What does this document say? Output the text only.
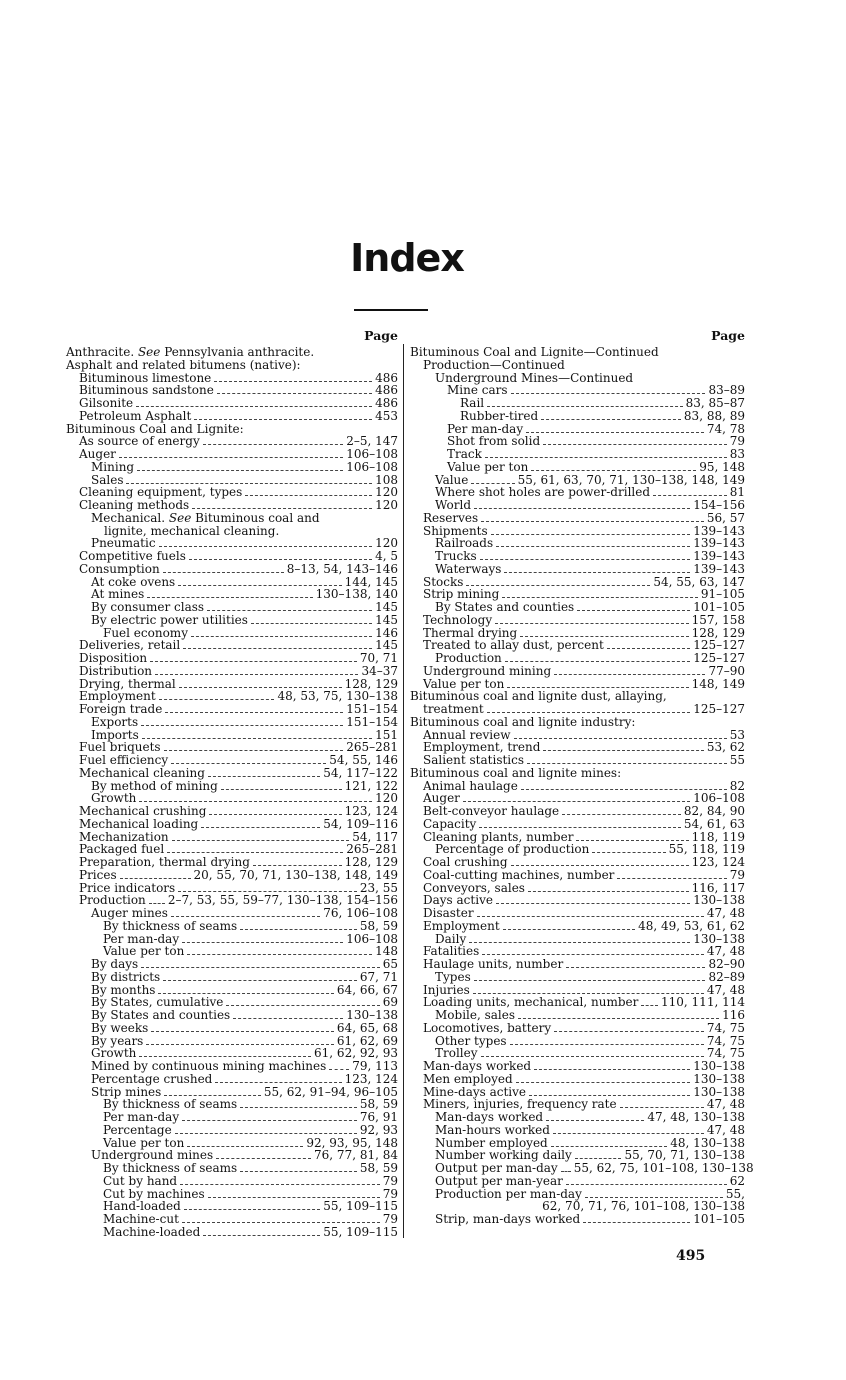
Index
Page
Anthracite. See Pennsylvania anthracite.
Asphalt and related bitumens (native):
Bituminous limestone	486
Bituminous sandstone	486
Gilsonite	486
Petroleum Asphalt	453
Bituminous Coal and Lignite:
As source of energy	2–5, 147
Auger	106–108
Mining	106–108
Sales	108
Cleaning equipment, types	120
Cleaning methods	120
Mechanical. See Bituminous coal and
lignite, mechanical cleaning.
Pneumatic	120
Competitive fuels	4, 5
Consumption	8–13, 54, 143–146
At coke ovens	144, 145
At mines	130–138, 140
By consumer class	145
By electric power utilities	145
Fuel economy	146
Deliveries, retail	145
Disposition	70, 71
Distribution	34–37
Drying, thermal	128, 129
Employment	48, 53, 75, 130–138
Foreign trade	151–154
Exports	151–154
Imports	151
Fuel briquets	265–281
Fuel efficiency	54, 55, 146
Mechanical cleaning	54, 117–122
By method of mining	121, 122
Growth	120
Mechanical crushing	123, 124
Mechanical loading	54, 109–116
Mechanization	54, 117
Packaged fuel	265–281
Preparation, thermal drying	128, 129
Prices	20, 55, 70, 71, 130–138, 148, 149
Price indicators	23, 55
Production 2–7, 53, 55, 59–77, 130–138, 154–156
Auger mines	76, 106–108
By thickness of seams	58, 59
Per man-day	106–108
Value per ton	148
By days	65
By districts	67, 71
By months	64, 66, 67
By States, cumulative	69
By States and counties	130–138
By weeks	64, 65, 68
By years	61, 62, 69
Growth	61, 62, 92, 93
Mined by continuous mining machines 79, 113
Percentage crushed	123, 124
Strip mines	55, 62, 91–94, 96–105
By thickness of seams	58, 59
Per man-day	76, 91
Percentage	92, 93
Value per ton	92, 93, 95, 148
Underground mines	76, 77, 81, 84
By thickness of seams	58, 59
Cut by hand	79
Cut by machines	79
Hand-loaded	55, 109–115
Machine-cut	79
Machine-loaded	55, 109–115
Page
Bituminous Coal and Lignite—Continued
Production—Continued
Underground Mines—Continued
Mine cars	83–89
Rail	83, 85–87
Rubber-tired	83, 88, 89
Per man-day	74, 78
Shot from solid	79
Track	83
Value per ton	95, 148
Value	55, 61, 63, 70, 71, 130–138, 148, 149
Where shot holes are power-drilled	81
World	154–156
Reserves	56, 57
Shipments	139–143
Railroads	139–143
Trucks	139–143
Waterways	139–143
Stocks	54, 55, 63, 147
Strip mining	91–105
By States and counties	101–105
Technology	157, 158
Thermal drying	128, 129
Treated to allay dust, percent	125–127
Production	125–127
Underground mining	77–90
Value per ton	148, 149
Bituminous coal and lignite dust, allaying,
treatment	125–127
Bituminous coal and lignite industry:
Annual review	53
Employment, trend	53, 62
Salient statistics	55
Bituminous coal and lignite mines:
Animal haulage	82
Auger	106–108
Belt-conveyor haulage	82, 84, 90
Capacity	54, 61, 63
Cleaning plants, number	118, 119
Percentage of production	55, 118, 119
Coal crushing	123, 124
Coal-cutting machines, number	79
Conveyors, sales	116, 117
Days active	130–138
Disaster	47, 48
Employment	48, 49, 53, 61, 62
Daily	130–138
Fatalities	47, 48
Haulage units, number	82–90
Types	82–89
Injuries	47, 48
Loading units, mechanical, number 110, 111, 114
Mobile, sales	116
Locomotives, battery	74, 75
Other types	74, 75
Trolley	74, 75
Man-days worked	130–138
Men employed	130–138
Mine-days active	130–138
Miners, injuries, frequency rate	47, 48
Man-days worked	47, 48, 130–138
Man-hours worked	47, 48
Number employed	48, 130–138
Number working daily	55, 70, 71, 130–138
Output per man-day 55, 62, 75, 101–108, 130–138
Output per man-year	62
Production per man-day	55,
62, 70, 71, 76, 101–108, 130–138
Strip, man-days worked	101–105
495
